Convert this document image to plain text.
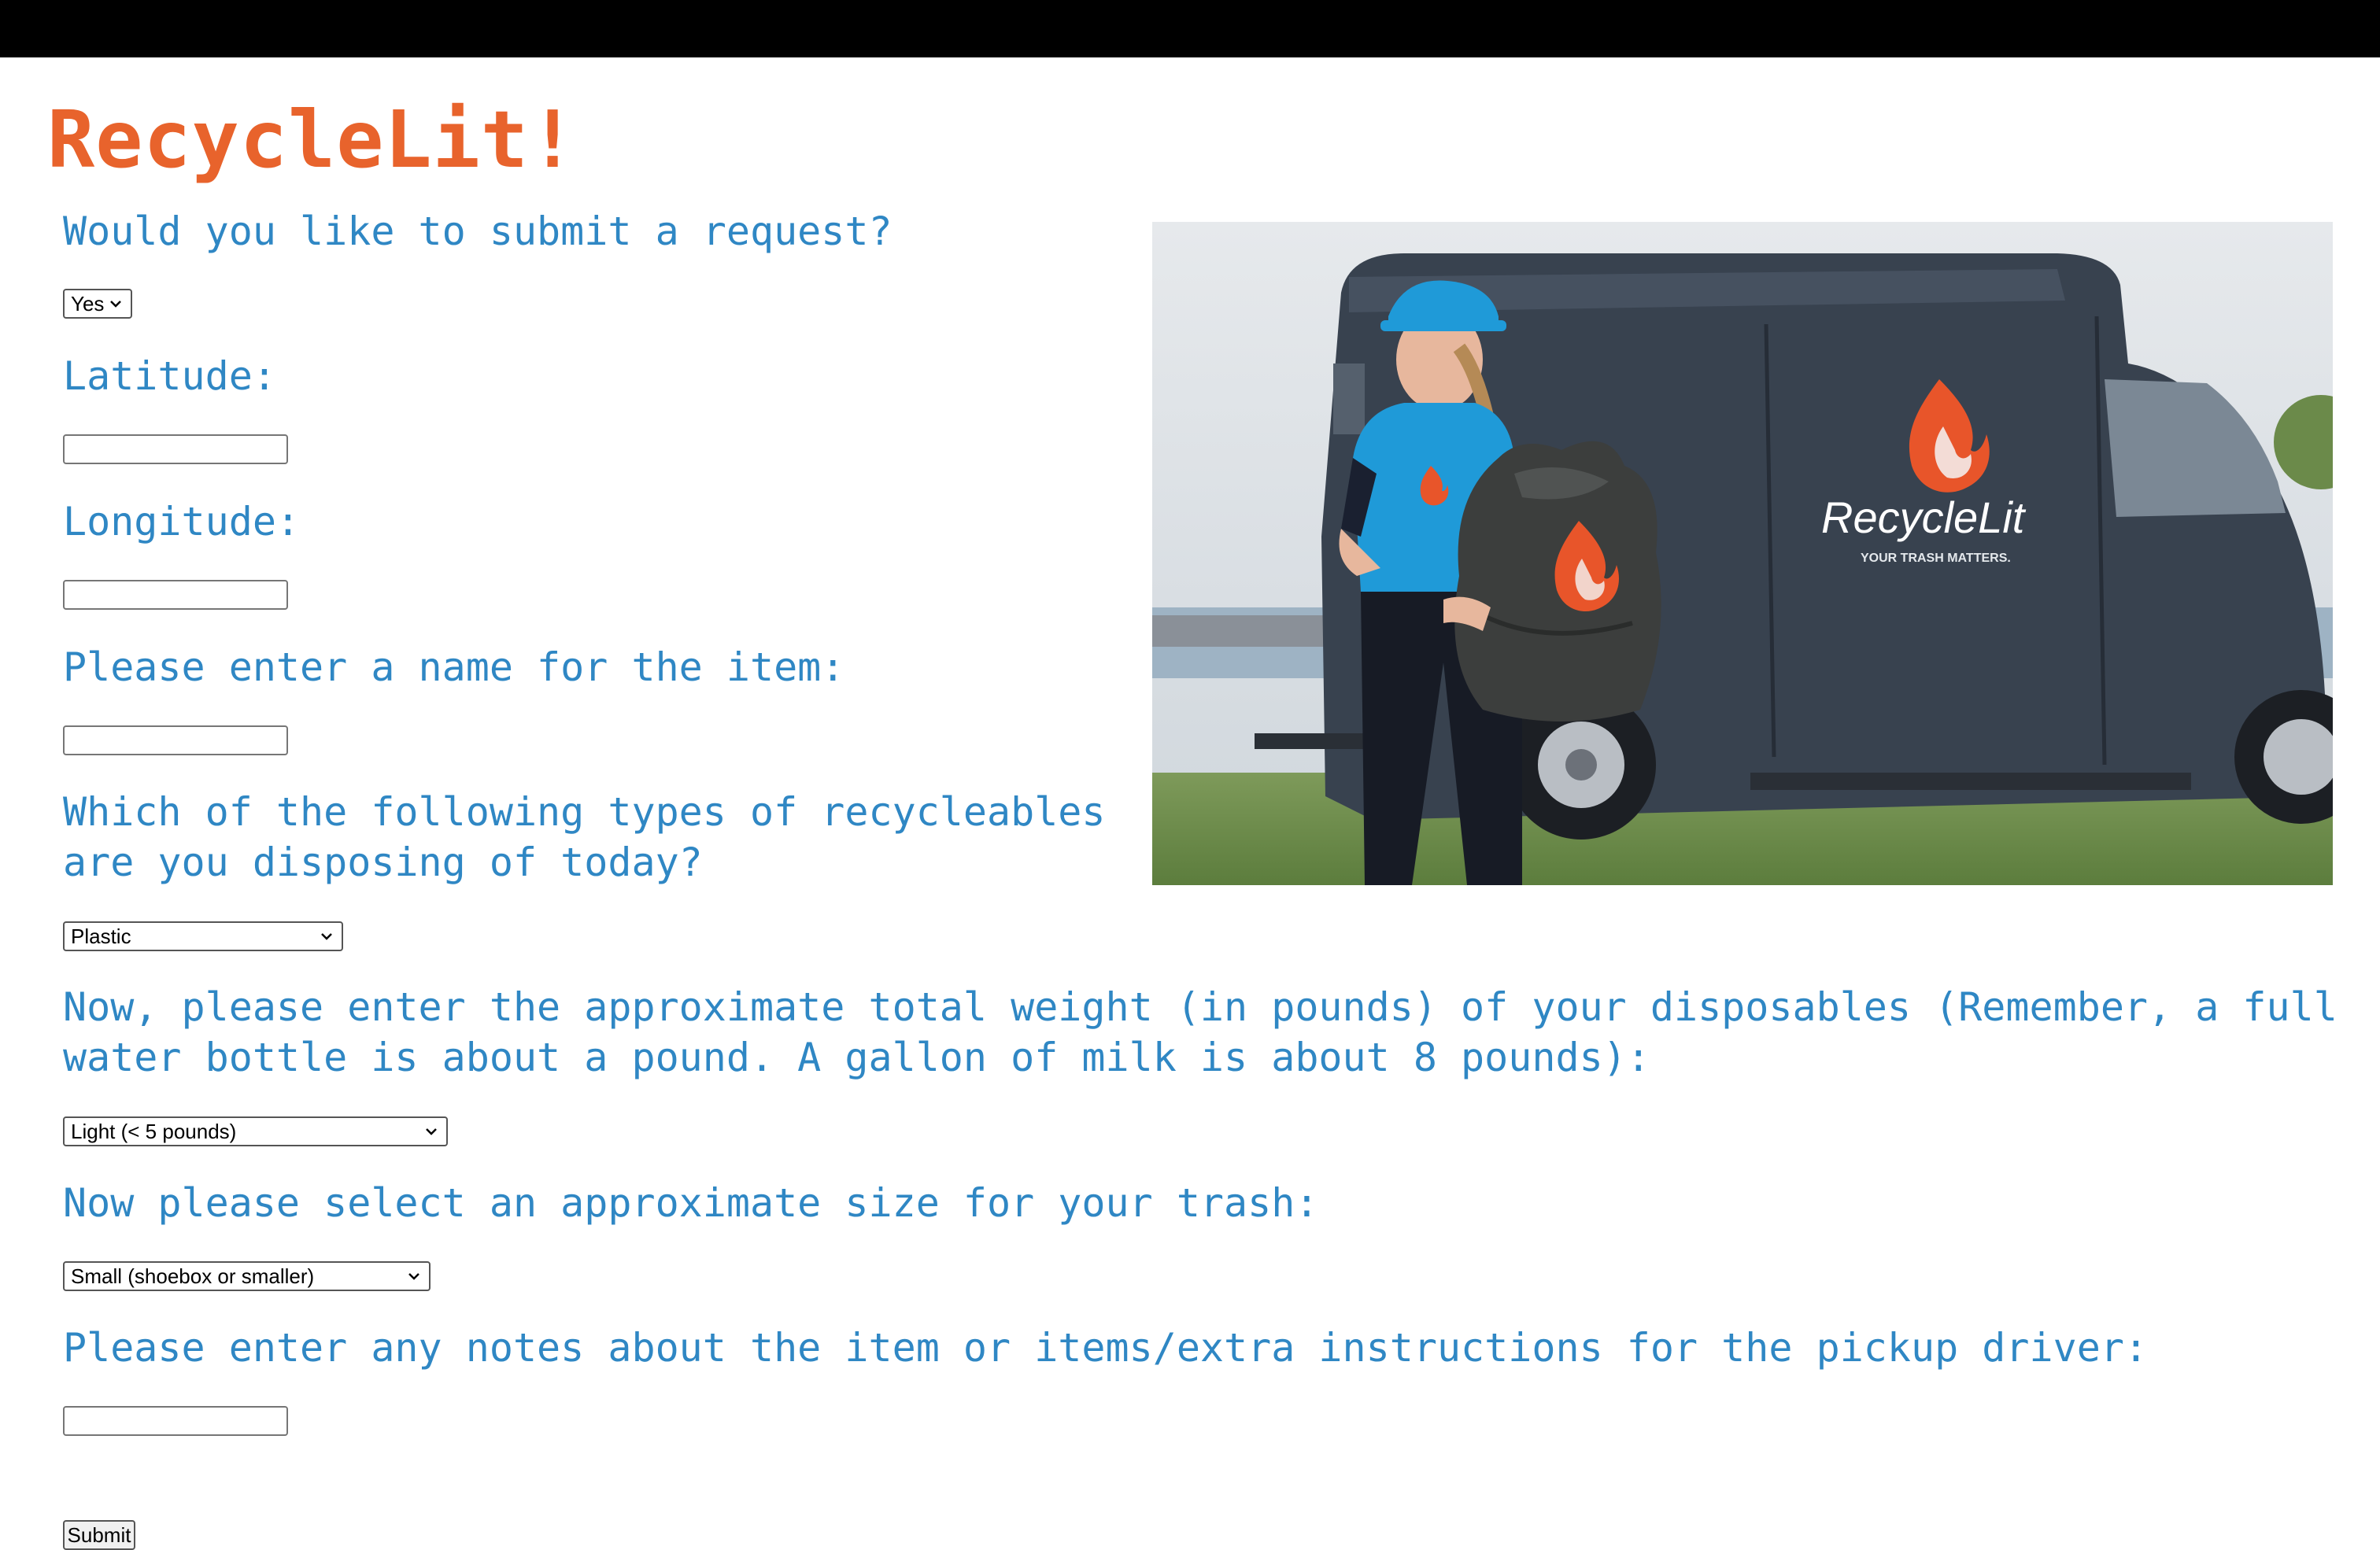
RecycleLit!
Would you like to submit a request?
Yes
Latitude:
Longitude:
Please enter a name for the item:
Which of the following types of recycleables
are you disposing of today?
Plastic
Now, please enter the approximate total weight (in pounds) of your disposables (Remember, a full
water bottle is about a pound. A gallon of milk is about 8 pounds):
Light (< 5 pounds)
Now please select an approximate size for your trash:
Small (shoebox or smaller)
Please enter any notes about the item or items/extra instructions for the pickup driver:
Submit
RecycleLit
YOUR TRASH MATTERS.
